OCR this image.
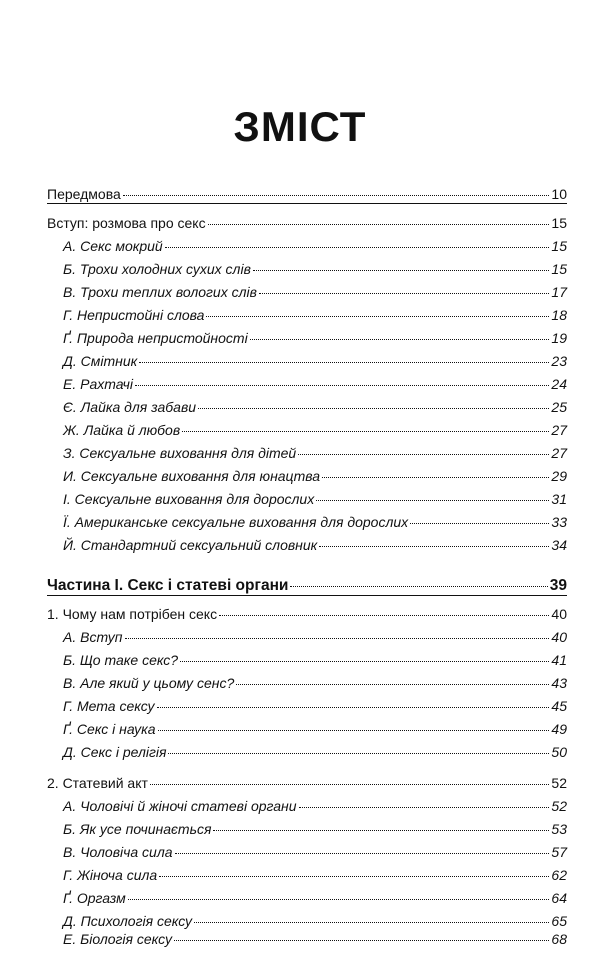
ЗМІСТ
Передмова	10
Вступ: розмова про секс	15
А. Секс мокрий	15
Б. Трохи холодних сухих слів	15
В. Трохи теплих вологих слів	17
Г. Непристойні слова	18
Ґ. Природа непристойності	19
Д. Смітник	23
Е. Рахтачі	24
Є. Лайка для забави	25
Ж. Лайка й любов	27
З. Сексуальне виховання для дітей	27
И. Сексуальне виховання для юнацтва	29
І. Сексуальне виховання для дорослих	31
Ї. Американське сексуальне виховання для дорослих	33
Й. Стандартний сексуальний словник	34
Частина І. Секс і статеві органи	39
1. Чому нам потрібен секс	40
А. Вступ	40
Б. Що таке секс?	41
В. Але який у цьому сенс?	43
Г. Мета сексу	45
Ґ. Секс і наука	49
Д. Секс і релігія	50
2. Статевий акт	52
А. Чоловічі й жіночі статеві органи	52
Б. Як усе починається	53
В. Чоловіча сила	57
Г. Жіноча сила	62
Ґ. Оргазм	64
Д. Психологія сексу	65
Е. Біологія сексу	68
